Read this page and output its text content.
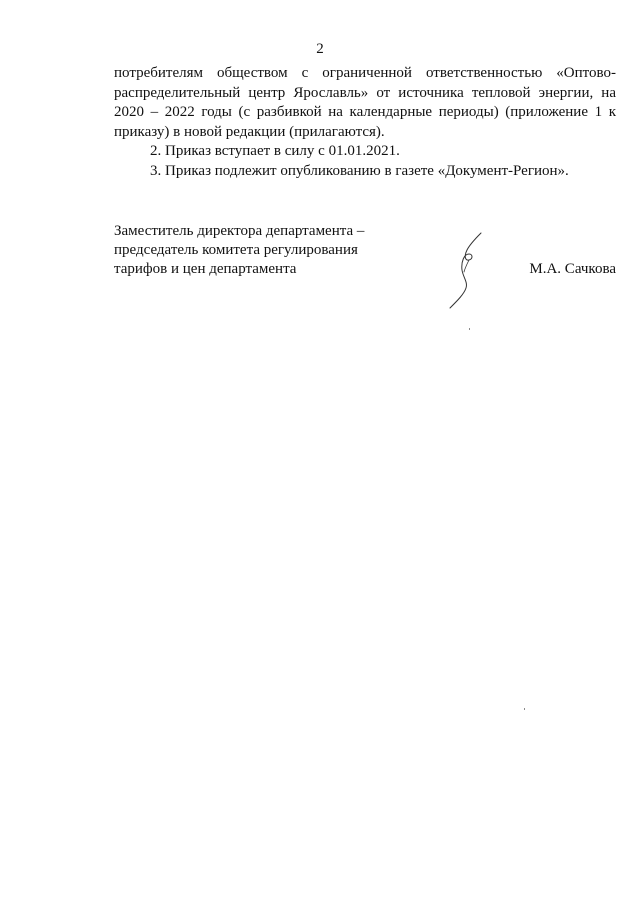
2

потребителям обществом с ограниченной ответственностью «Оптово-распределительный центр Ярославль» от источника тепловой энергии, на 2020 – 2022 годы (с разбивкой на календарные периоды) (приложение 1 к приказу) в новой редакции (прилагаются).

2. Приказ вступает в силу с 01.01.2021.

3. Приказ подлежит опубликованию в газете «Документ-Регион».

Заместитель директора департамента –
председатель комитета регулирования
тарифов и цен департамента	М.А. Сачкова
